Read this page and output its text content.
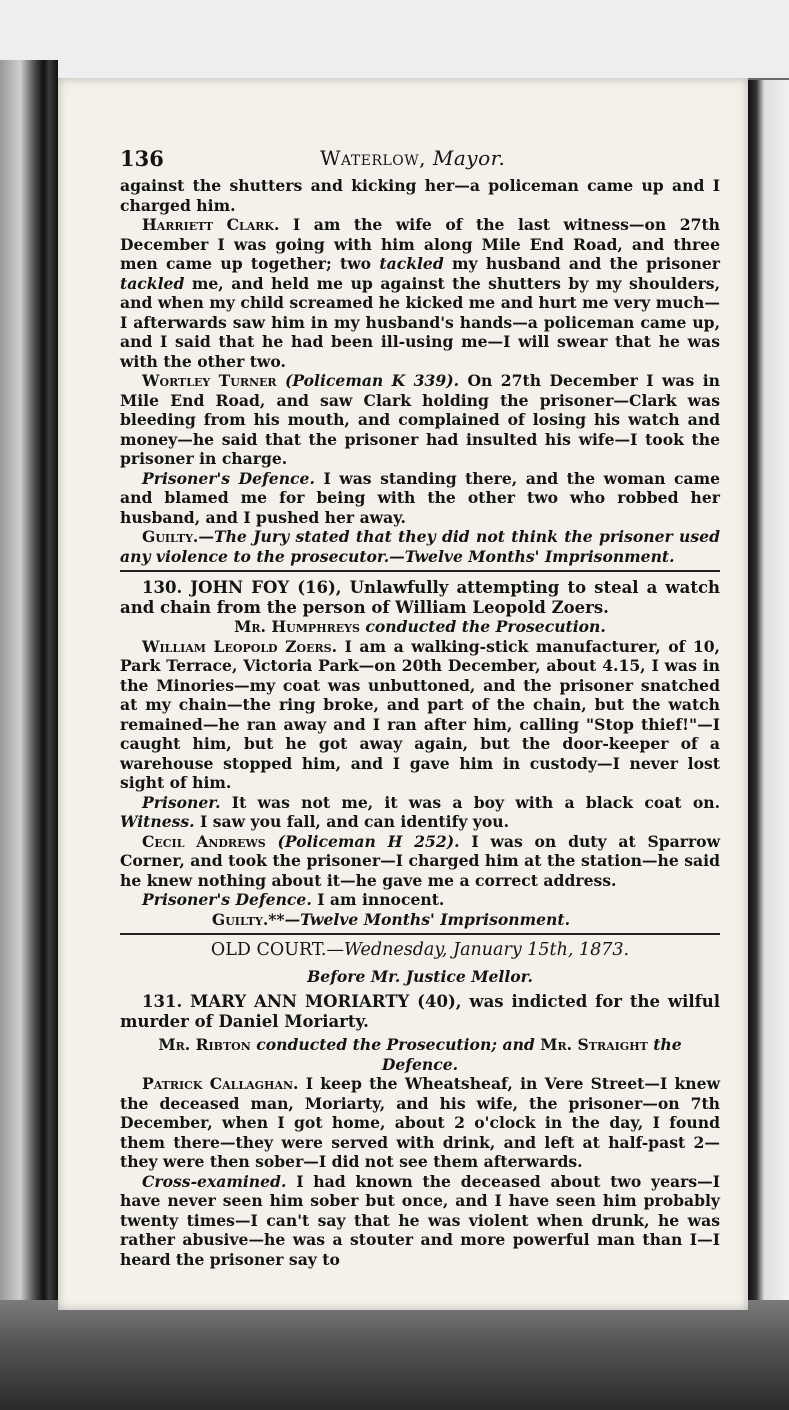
136	Waterlow, Mayor.

against the shutters and kicking her—a policeman came up and I charged him.

Harriett Clark. I am the wife of the last witness—on 27th December I was going with him along Mile End Road, and three men came up together; two tackled my husband and the prisoner tackled me, and held me up against the shutters by my shoulders, and when my child screamed he kicked me and hurt me very much—I afterwards saw him in my husband's hands—a policeman came up, and I said that he had been ill-using me—I will swear that he was with the other two.

Wortley Turner (Policeman K 339). On 27th December I was in Mile End Road, and saw Clark holding the prisoner—Clark was bleeding from his mouth, and complained of losing his watch and money—he said that the prisoner had insulted his wife—I took the prisoner in charge.

Prisoner's Defence. I was standing there, and the woman came and blamed me for being with the other two who robbed her husband, and I pushed her away.

Guilty.—The Jury stated that they did not think the prisoner used any violence to the prosecutor.—Twelve Months' Imprisonment.

130. JOHN FOY (16), Unlawfully attempting to steal a watch and chain from the person of William Leopold Zoers.

Mr. Humphreys conducted the Prosecution.

William Leopold Zoers. I am a walking-stick manufacturer, of 10, Park Terrace, Victoria Park—on 20th December, about 4.15, I was in the Minories—my coat was unbuttoned, and the prisoner snatched at my chain—the ring broke, and part of the chain, but the watch remained—he ran away and I ran after him, calling "Stop thief!"—I caught him, but he got away again, but the door-keeper of a warehouse stopped him, and I gave him in custody—I never lost sight of him.

Prisoner. It was not me, it was a boy with a black coat on. Witness. I saw you fall, and can identify you.

Cecil Andrews (Policeman H 252). I was on duty at Sparrow Corner, and took the prisoner—I charged him at the station—he said he knew nothing about it—he gave me a correct address.

Prisoner's Defence. I am innocent.

Guilty.**—Twelve Months' Imprisonment.

OLD COURT.—Wednesday, January 15th, 1873.

Before Mr. Justice Mellor.

131. MARY ANN MORIARTY (40), was indicted for the wilful murder of Daniel Moriarty.

Mr. Ribton conducted the Prosecution; and Mr. Straight the Defence.

Patrick Callaghan. I keep the Wheatsheaf, in Vere Street—I knew the deceased man, Moriarty, and his wife, the prisoner—on 7th December, when I got home, about 2 o'clock in the day, I found them there—they were served with drink, and left at half-past 2—they were then sober—I did not see them afterwards.

Cross-examined. I had known the deceased about two years—I have never seen him sober but once, and I have seen him probably twenty times—I can't say that he was violent when drunk, he was rather abusive—he was a stouter and more powerful man than I—I heard the prisoner say to
